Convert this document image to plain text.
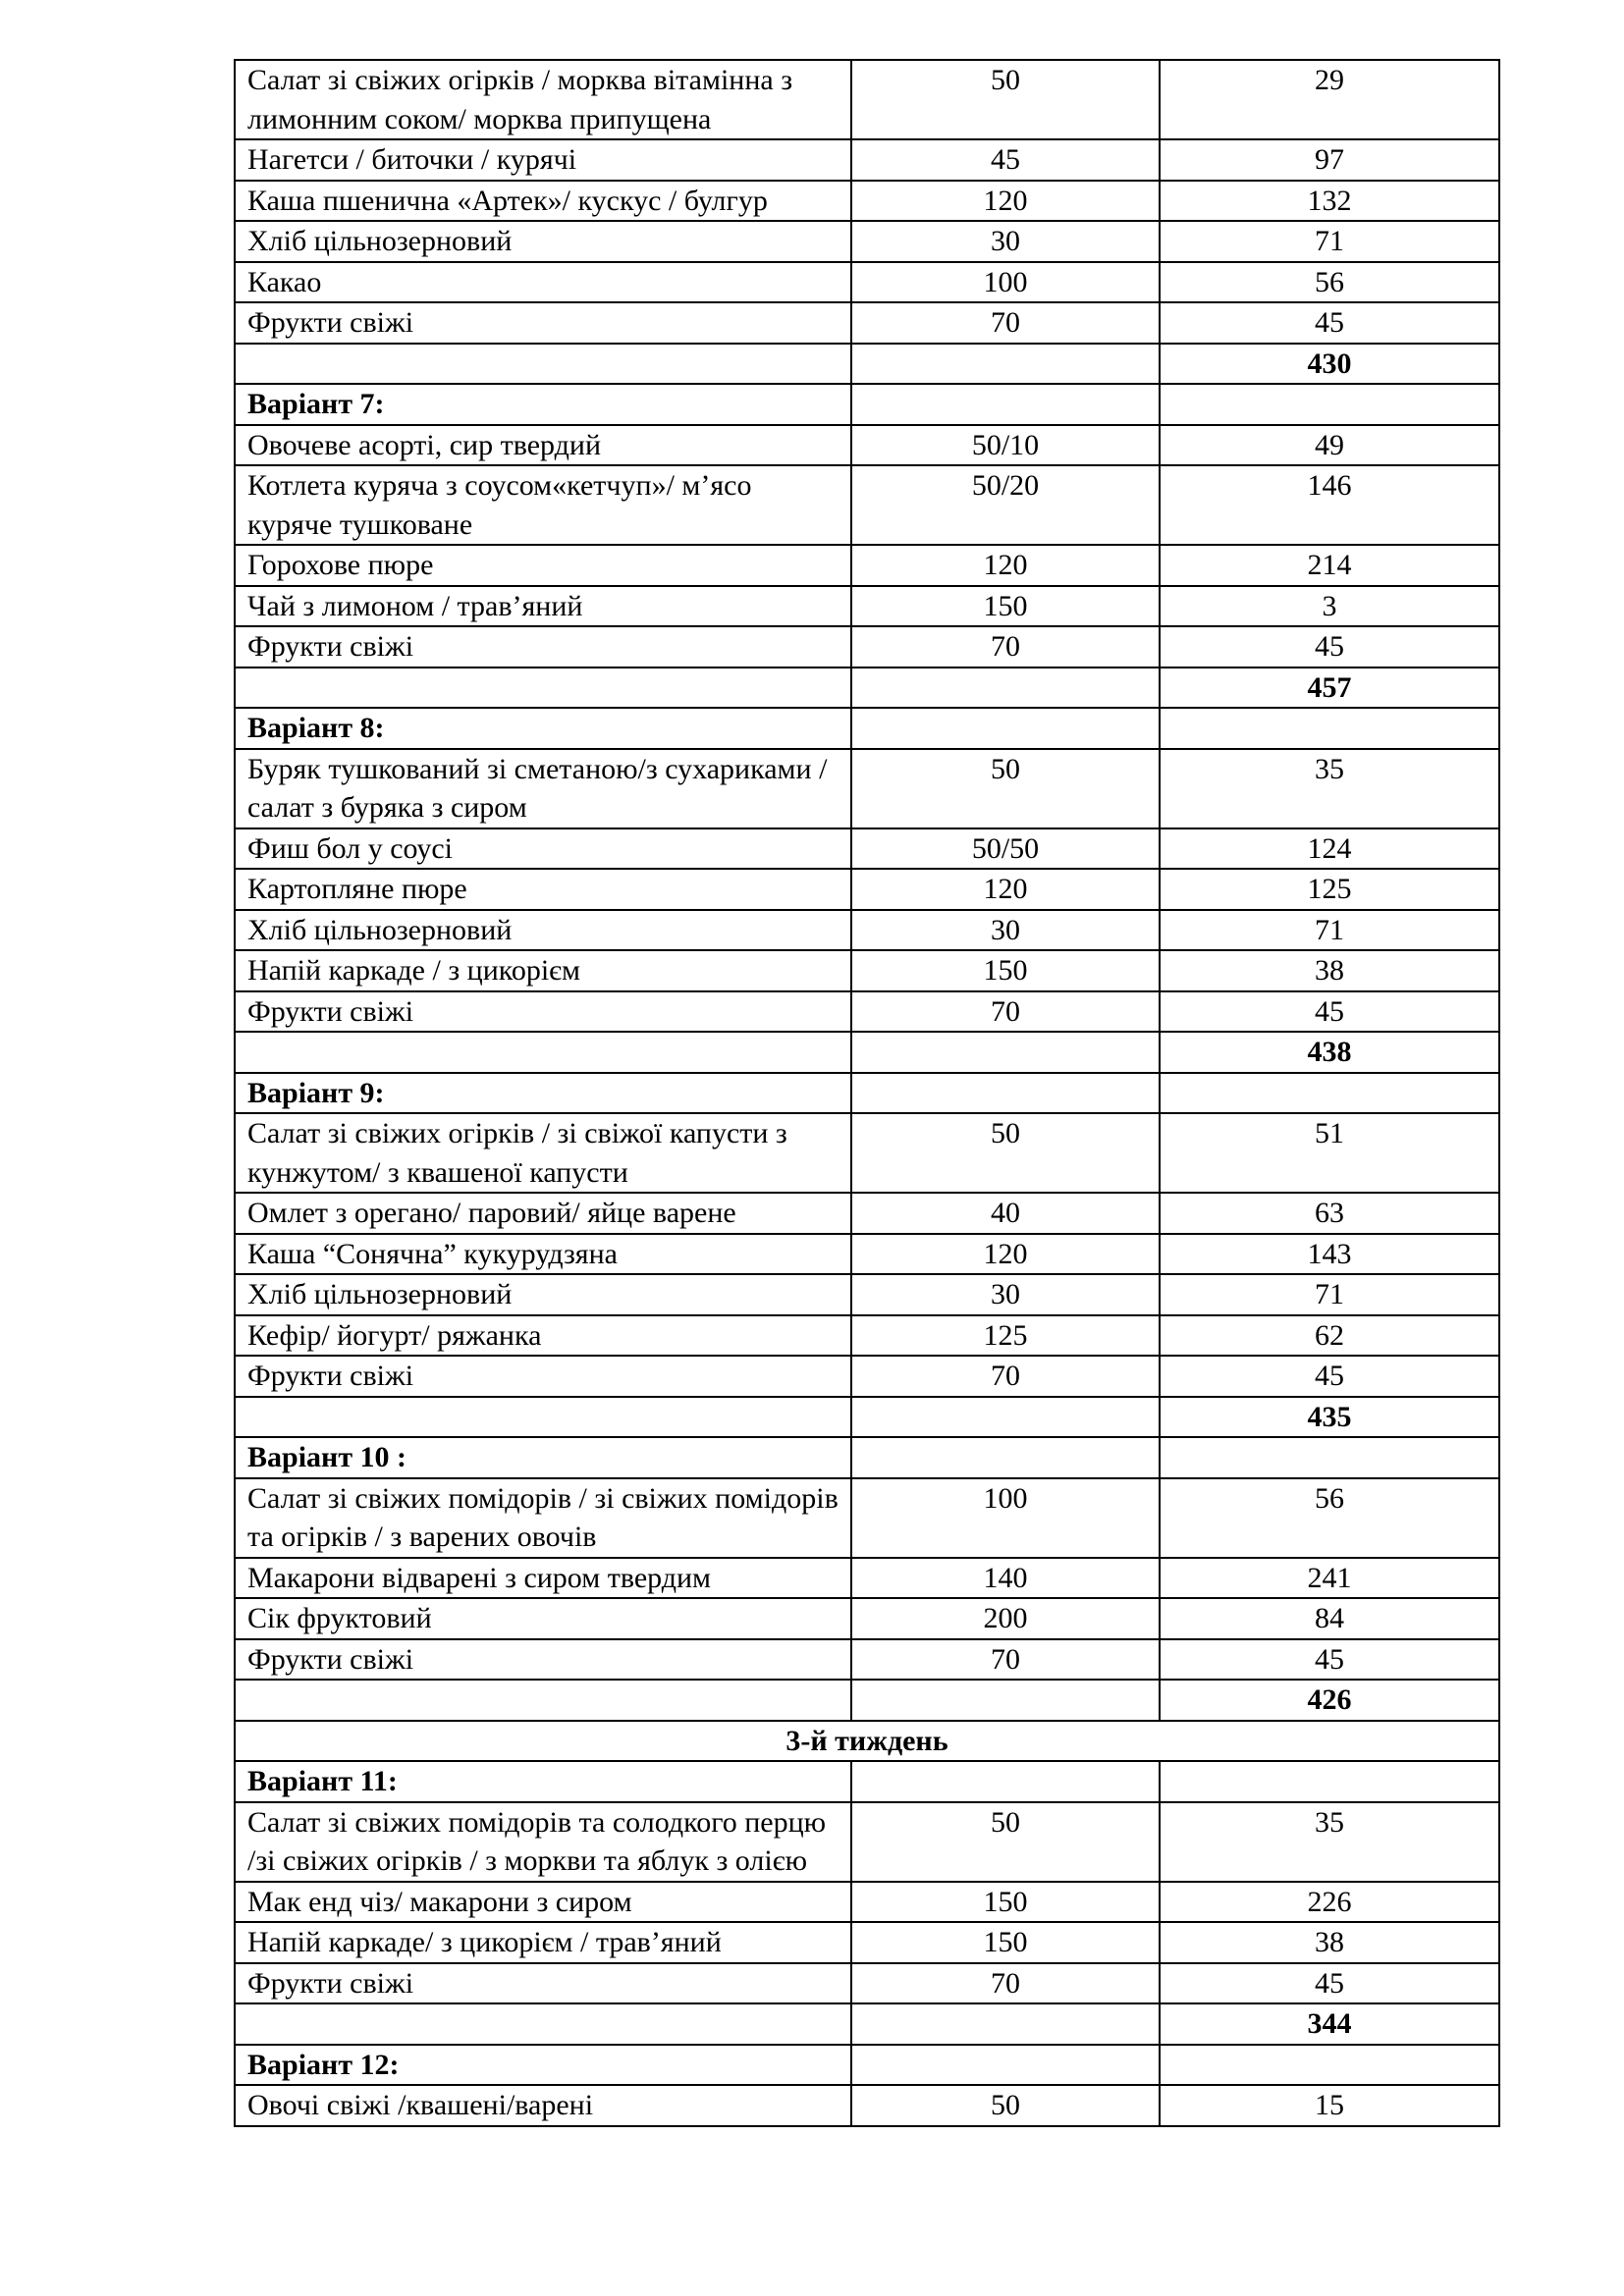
Салат зі свіжих огірків / морква вітамінна з лимонним соком/ морква припущена	50	29
Нагетси / биточки / курячі	45	97
Каша пшенична «Артек»/ кускус / булгур	120	132
Хліб цільнозерновий	30	71
Какао	100	56
Фрукти свіжі	70	45
		430
Варіант 7:		
Овочеве асорті, сир твердий	50/10	49
Котлета куряча з соусом«кетчуп»/ м’ясо куряче тушковане	50/20	146
Горохове пюре	120	214
Чай з лимоном / трав’яний	150	3
Фрукти свіжі	70	45
		457
Варіант 8:		
Буряк тушкований зі сметаною/з сухариками /салат з буряка з сиром	50	35
Фиш бол у соусі	50/50	124
Картопляне пюре	120	125
Хліб цільнозерновий	30	71
Напій каркаде / з цикорієм	150	38
Фрукти свіжі	70	45
		438
Варіант 9:		
Салат зі свіжих огірків / зі свіжої капусти з кунжутом/ з квашеної капусти	50	51
Омлет з орегано/ паровий/ яйце варене	40	63
Каша “Сонячна” кукурудзяна	120	143
Хліб цільнозерновий	30	71
Кефір/ йогурт/ ряжанка	125	62
Фрукти свіжі	70	45
		435
Варіант 10 :		
Салат зі свіжих помідорів / зі свіжих помідорів та огірків / з варених овочів	100	56
Макарони відварені з сиром твердим	140	241
Сік фруктовий	200	84
Фрукти свіжі	70	45
		426
3-й тиждень		
Варіант 11:		
Салат зі свіжих помідорів та солодкого перцю /зі свіжих огірків / з моркви та яблук з олією	50	35
Мак енд чіз/ макарони з сиром	150	226
Напій каркаде/ з цикорієм / трав’яний	150	38
Фрукти свіжі	70	45
		344
Варіант 12:		
Овочі свіжі /квашені/варені	50	15
